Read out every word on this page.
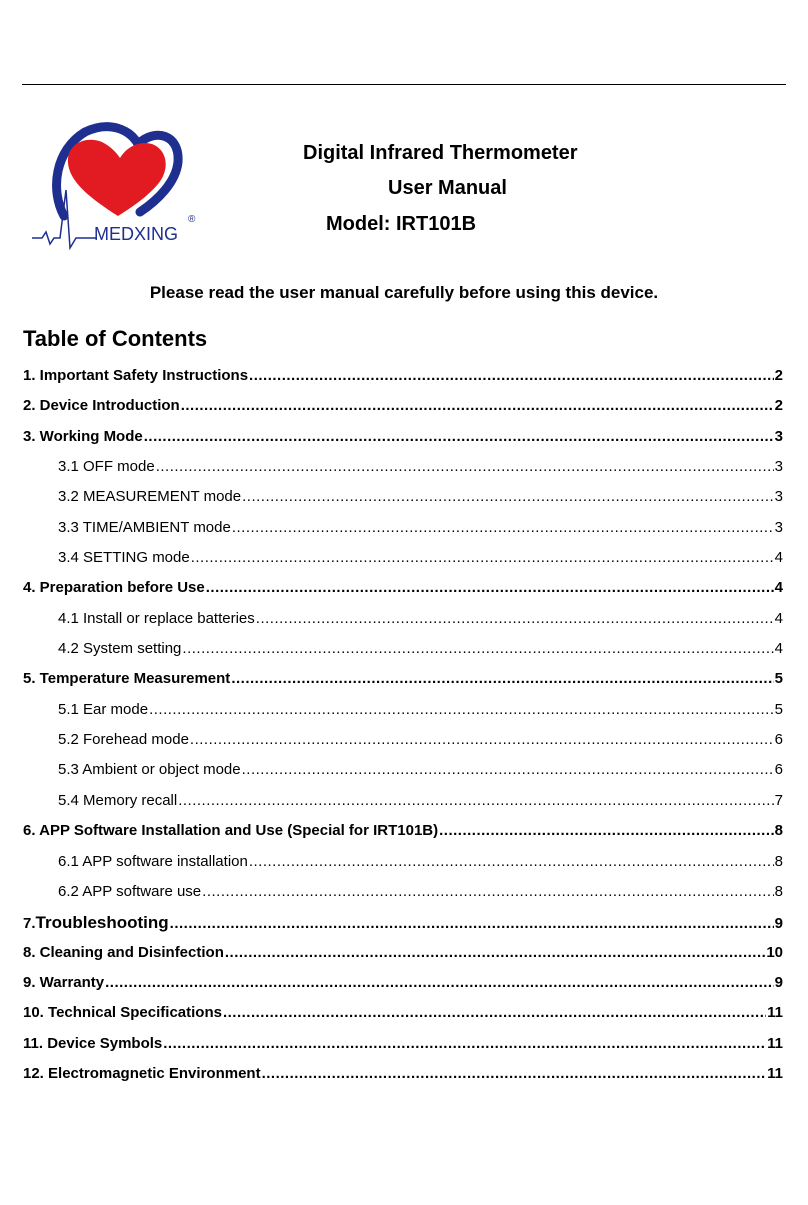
MEDXING
®
Digital Infrared Thermometer
User Manual
Model: IRT101B
Please read the user manual carefully before using this device.
Table of Contents
1. Important Safety Instructions .....	2
2. Device Introduction .....	2
3. Working Mode .....	3
3.1 OFF mode .....	3
3.2 MEASUREMENT mode .....	3
3.3 TIME/AMBIENT mode .....	3
3.4 SETTING mode .....	4
4. Preparation before Use .....	4
4.1 Install or replace batteries .....	4
4.2 System setting .....	4
5. Temperature Measurement .....	5
5.1 Ear mode .....	5
5.2 Forehead mode .....	6
5.3 Ambient or object mode .....	6
5.4 Memory recall .....	7
6. APP Software Installation and Use (Special for IRT101B) .....	8
6.1 APP software installation .....	8
6.2 APP software use .....	8
7. Troubleshooting .....	9
8. Cleaning and Disinfection .....	10
9. Warranty .....	9
10. Technical Specifications .....	11
11. Device Symbols .....	11
12. Electromagnetic Environment .....	11
